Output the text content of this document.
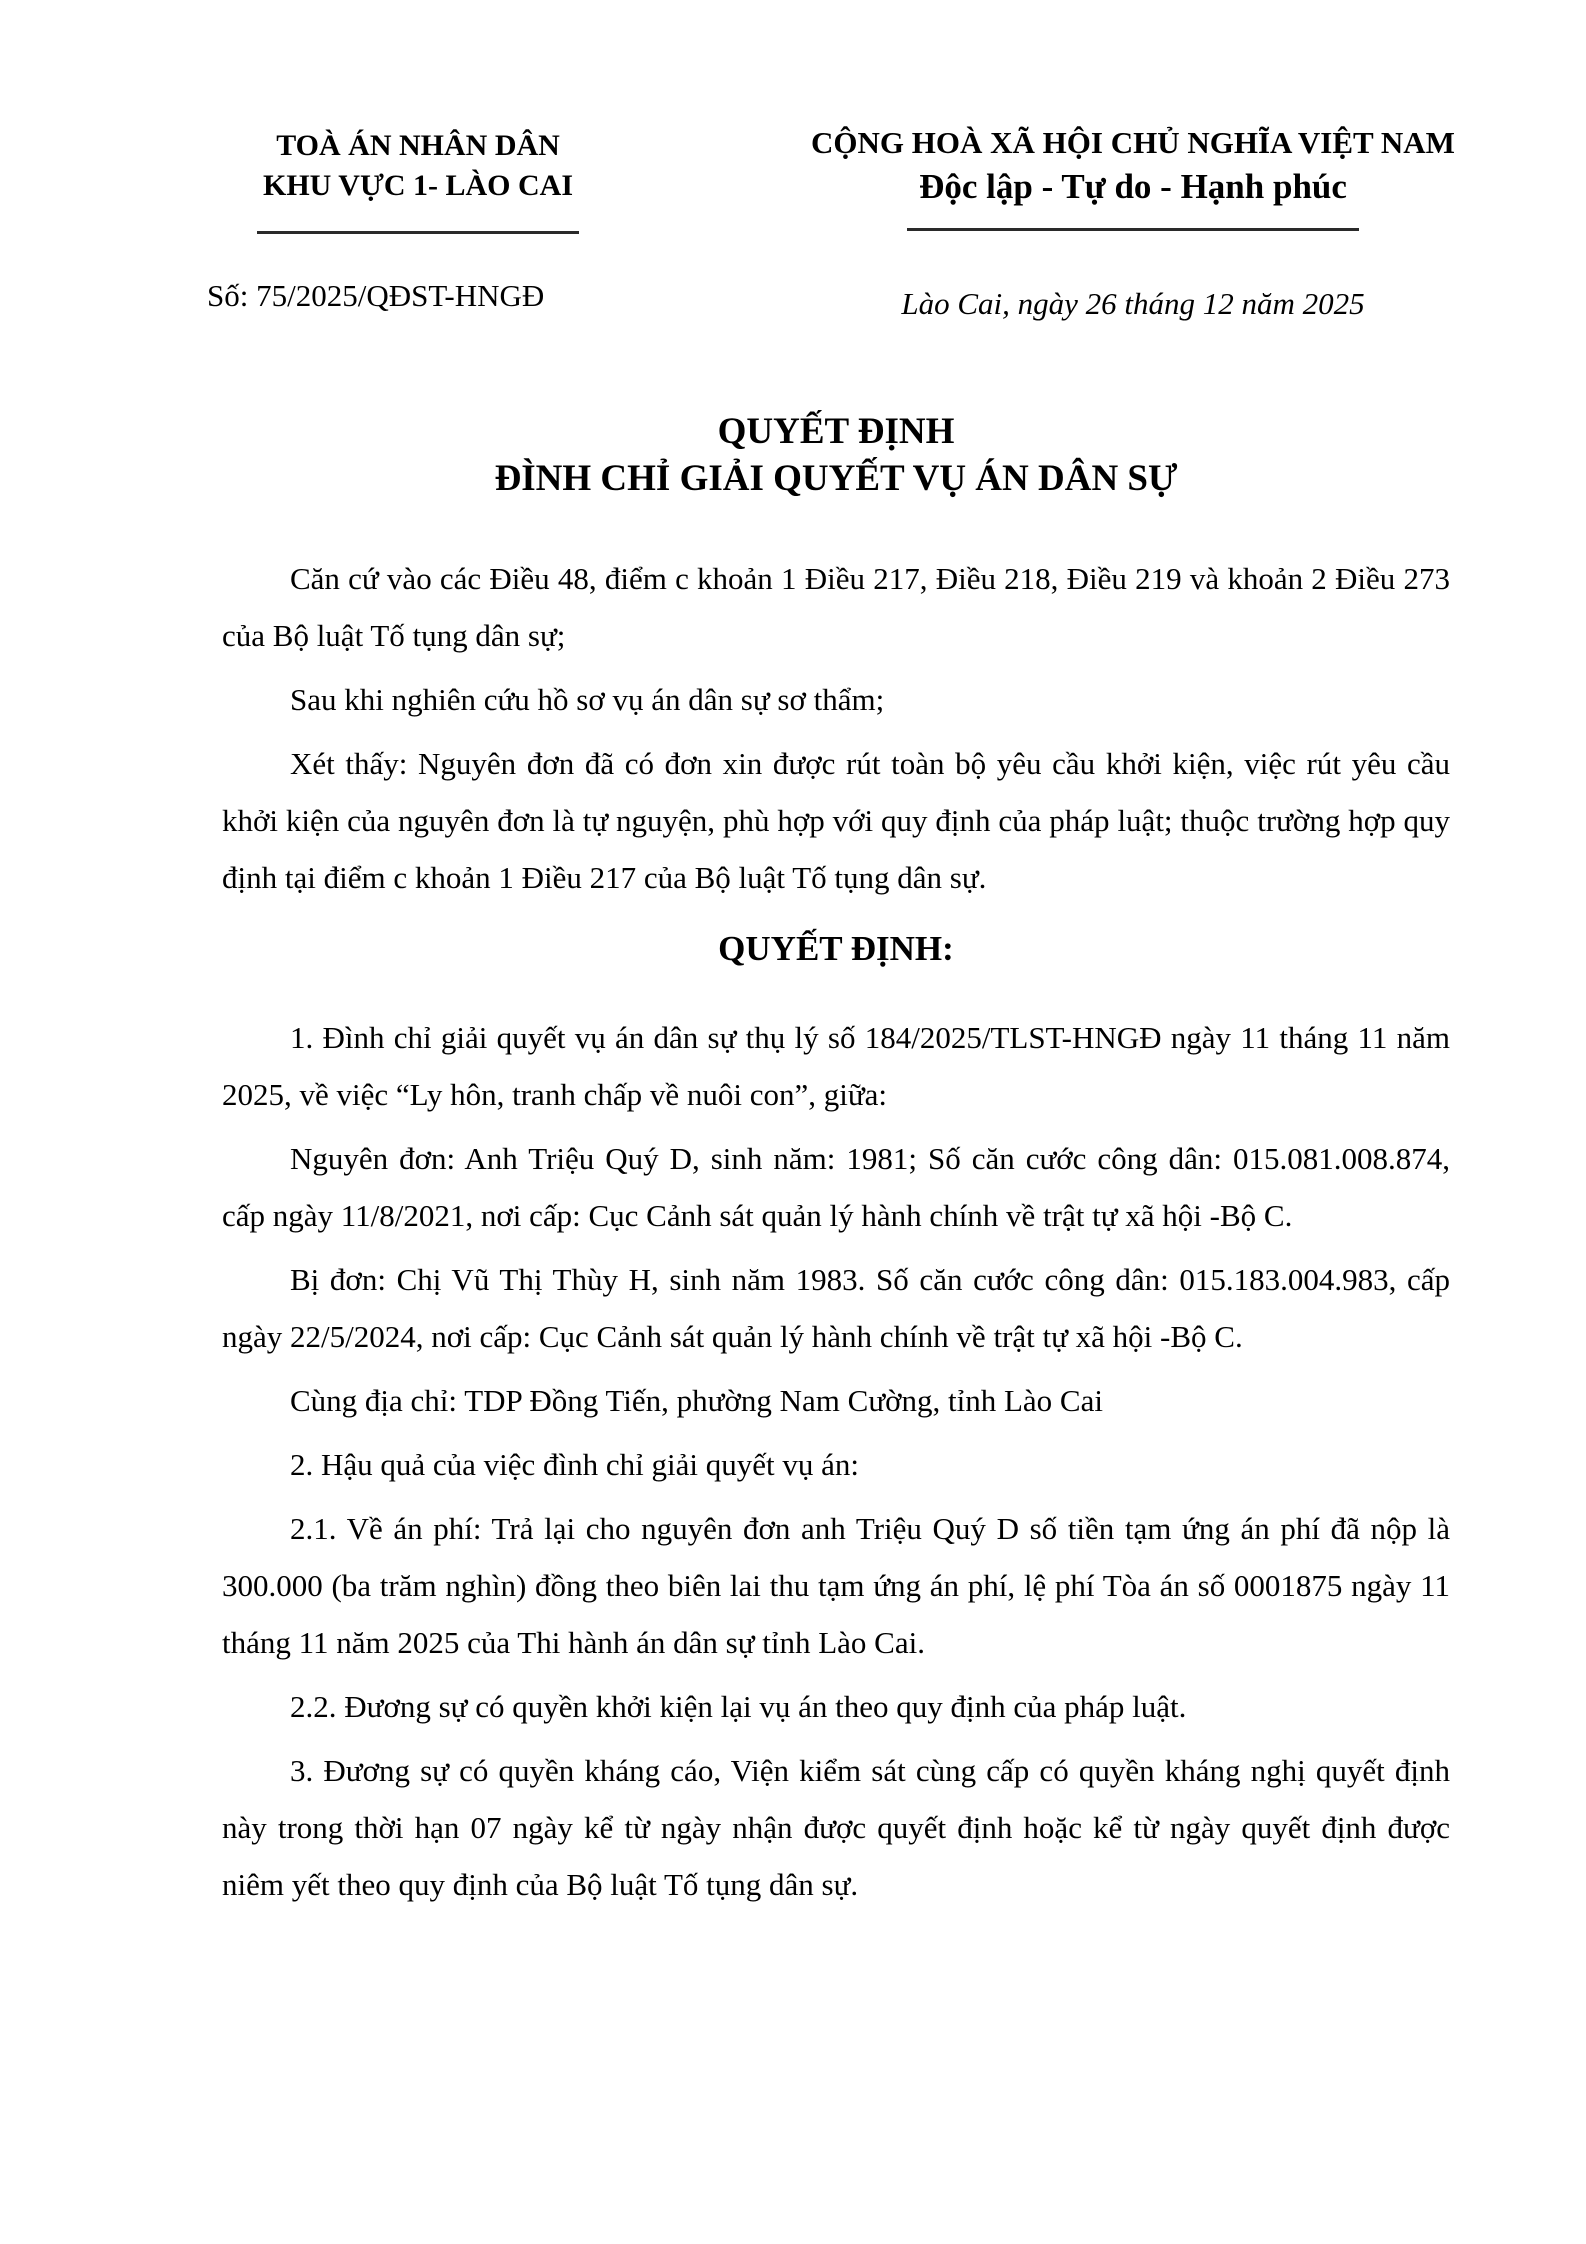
TOÀ ÁN NHÂN DÂN
KHU VỰC 1- LÀO CAI
CỘNG HOÀ XÃ HỘI CHỦ NGHĨA VIỆT NAM
Độc lập - Tự do - Hạnh phúc
Số: 75/2025/QĐST-HNGĐ	Lào Cai, ngày 26 tháng 12 năm 2025
QUYẾT ĐỊNH
ĐÌNH CHỈ GIẢI QUYẾT VỤ ÁN DÂN SỰ

Căn cứ vào các Điều 48, điểm c khoản 1 Điều 217, Điều 218, Điều 219 và khoản 2 Điều 273 của Bộ luật Tố tụng dân sự;

Sau khi nghiên cứu hồ sơ vụ án dân sự sơ thẩm;

Xét thấy: Nguyên đơn đã có đơn xin được rút toàn bộ yêu cầu khởi kiện, việc rút yêu cầu khởi kiện của nguyên đơn là tự nguyện, phù hợp với quy định của pháp luật; thuộc trường hợp quy định tại điểm c khoản 1 Điều 217 của Bộ luật Tố tụng dân sự.

QUYẾT ĐỊNH:

1. Đình chỉ giải quyết vụ án dân sự thụ lý số 184/2025/TLST-HNGĐ ngày 11 tháng 11 năm 2025, về việc “Ly hôn, tranh chấp về nuôi con”, giữa:

Nguyên đơn: Anh Triệu Quý D, sinh năm: 1981; Số căn cước công dân: 015.081.008.874, cấp ngày 11/8/2021, nơi cấp: Cục Cảnh sát quản lý hành chính về trật tự xã hội -Bộ C.

Bị đơn: Chị Vũ Thị Thùy H, sinh năm 1983. Số căn cước công dân: 015.183.004.983, cấp ngày 22/5/2024, nơi cấp: Cục Cảnh sát quản lý hành chính về trật tự xã hội -Bộ C.

Cùng địa chỉ: TDP Đồng Tiến, phường Nam Cường, tỉnh Lào Cai

2. Hậu quả của việc đình chỉ giải quyết vụ án:

2.1. Về án phí: Trả lại cho nguyên đơn anh Triệu Quý D số tiền tạm ứng án phí đã nộp là 300.000 (ba trăm nghìn) đồng theo biên lai thu tạm ứng án phí, lệ phí Tòa án số 0001875 ngày 11 tháng 11 năm 2025 của Thi hành án dân sự tỉnh Lào Cai.

2.2. Đương sự có quyền khởi kiện lại vụ án theo quy định của pháp luật.

3. Đương sự có quyền kháng cáo, Viện kiểm sát cùng cấp có quyền kháng nghị quyết định này trong thời hạn 07 ngày kể từ ngày nhận được quyết định hoặc kể từ ngày quyết định được niêm yết theo quy định của Bộ luật Tố tụng dân sự.
